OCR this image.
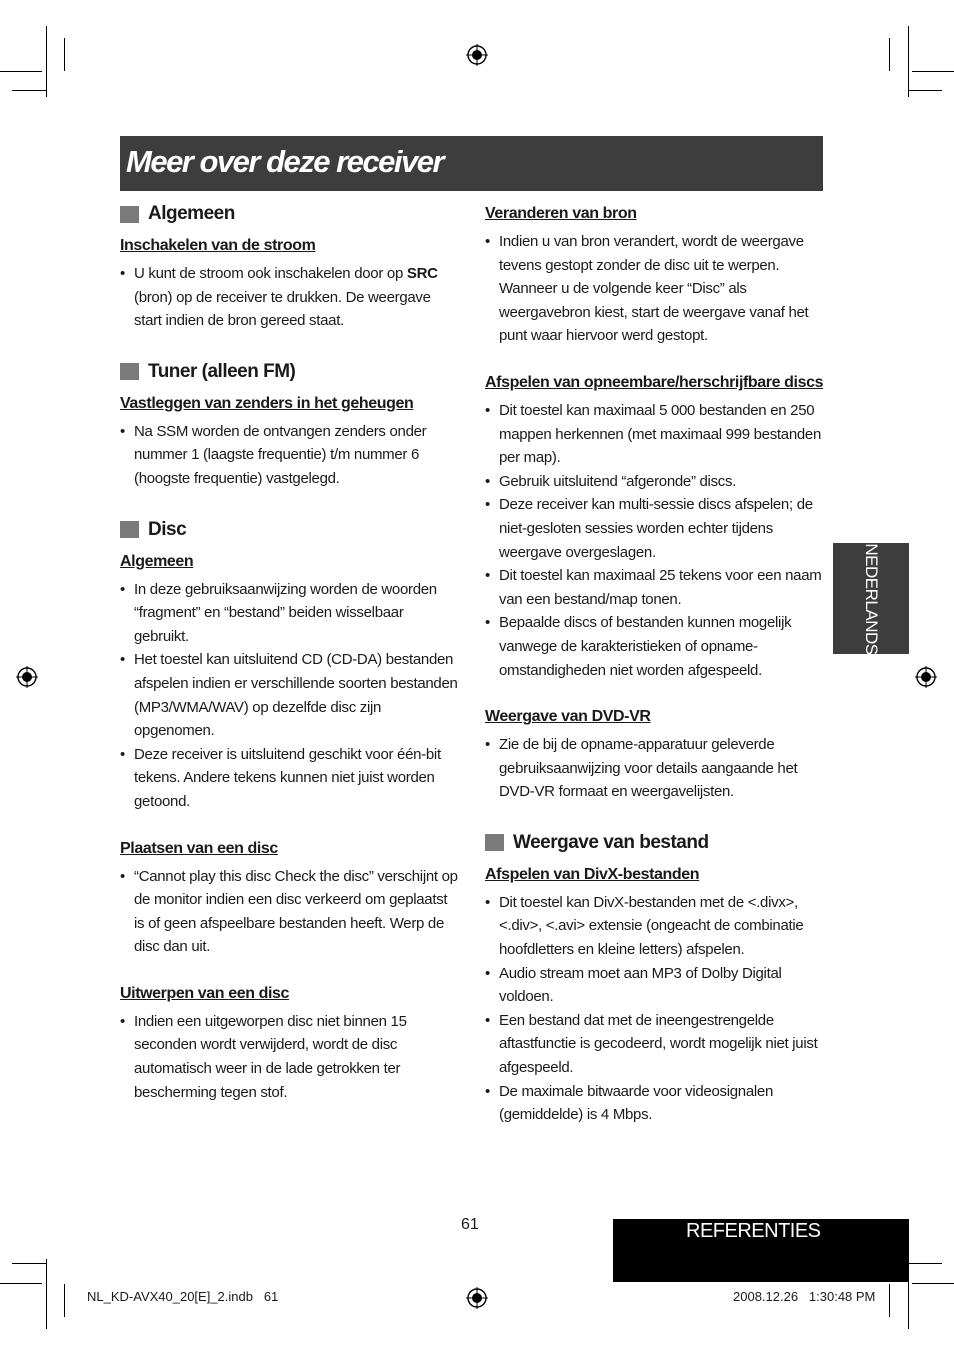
Meer over deze receiver
Algemeen
Inschakelen van de stroom
• U kunt de stroom ook inschakelen door op SRC (bron) op de receiver te drukken. De weergave start indien de bron gereed staat.
Tuner (alleen FM)
Vastleggen van zenders in het geheugen
• Na SSM worden de ontvangen zenders onder nummer 1 (laagste frequentie) t/m nummer 6 (hoogste frequentie) vastgelegd.
Disc
Algemeen
• In deze gebruiksaanwijzing worden de woorden “fragment” en “bestand” beiden wisselbaar gebruikt.
• Het toestel kan uitsluitend CD (CD-DA) bestanden afspelen indien er verschillende soorten bestanden (MP3/WMA/WAV) op dezelfde disc zijn opgenomen.
• Deze receiver is uitsluitend geschikt voor één-bit tekens. Andere tekens kunnen niet juist worden getoond.
Plaatsen van een disc
• “Cannot play this disc Check the disc” verschijnt op de monitor indien een disc verkeerd om geplaatst is of geen afspeelbare bestanden heeft. Werp de disc dan uit.
Uitwerpen van een disc
• Indien een uitgeworpen disc niet binnen 15 seconden wordt verwijderd, wordt de disc automatisch weer in de lade getrokken ter bescherming tegen stof.
Veranderen van bron
• Indien u van bron verandert, wordt de weergave tevens gestopt zonder de disc uit te werpen. Wanneer u de volgende keer “Disc” als weergavebron kiest, start de weergave vanaf het punt waar hiervoor werd gestopt.
Afspelen van opneembare/herschrijfbare discs
• Dit toestel kan maximaal 5 000 bestanden en 250 mappen herkennen (met maximaal 999 bestanden per map).
• Gebruik uitsluitend “afgeronde” discs.
• Deze receiver kan multi-sessie discs afspelen; de niet-gesloten sessies worden echter tijdens weergave overgeslagen.
• Dit toestel kan maximaal 25 tekens voor een naam van een bestand/map tonen.
• Bepaalde discs of bestanden kunnen mogelijk vanwege de karakteristieken of opname-omstandigheden niet worden afgespeeld.
Weergave van DVD-VR
• Zie de bij de opname-apparatuur geleverde gebruiksaanwijzing voor details aangaande het DVD-VR formaat en weergavelijsten.
Weergave van bestand
Afspelen van DivX-bestanden
• Dit toestel kan DivX-bestanden met de <.divx>, <.div>, <.avi> extensie (ongeacht de combinatie hoofdletters en kleine letters) afspelen.
• Audio stream moet aan MP3 of Dolby Digital voldoen.
• Een bestand dat met de ineengestrengelde aftastfunctie is gecodeerd, wordt mogelijk niet juist afgespeeld.
• De maximale bitwaarde voor videosignalen (gemiddelde) is 4 Mbps.
NEDERLANDS
61	REFERENTIES
NL_KD-AVX40_20[E]_2.indb   61	2008.12.26   1:30:48 PM
